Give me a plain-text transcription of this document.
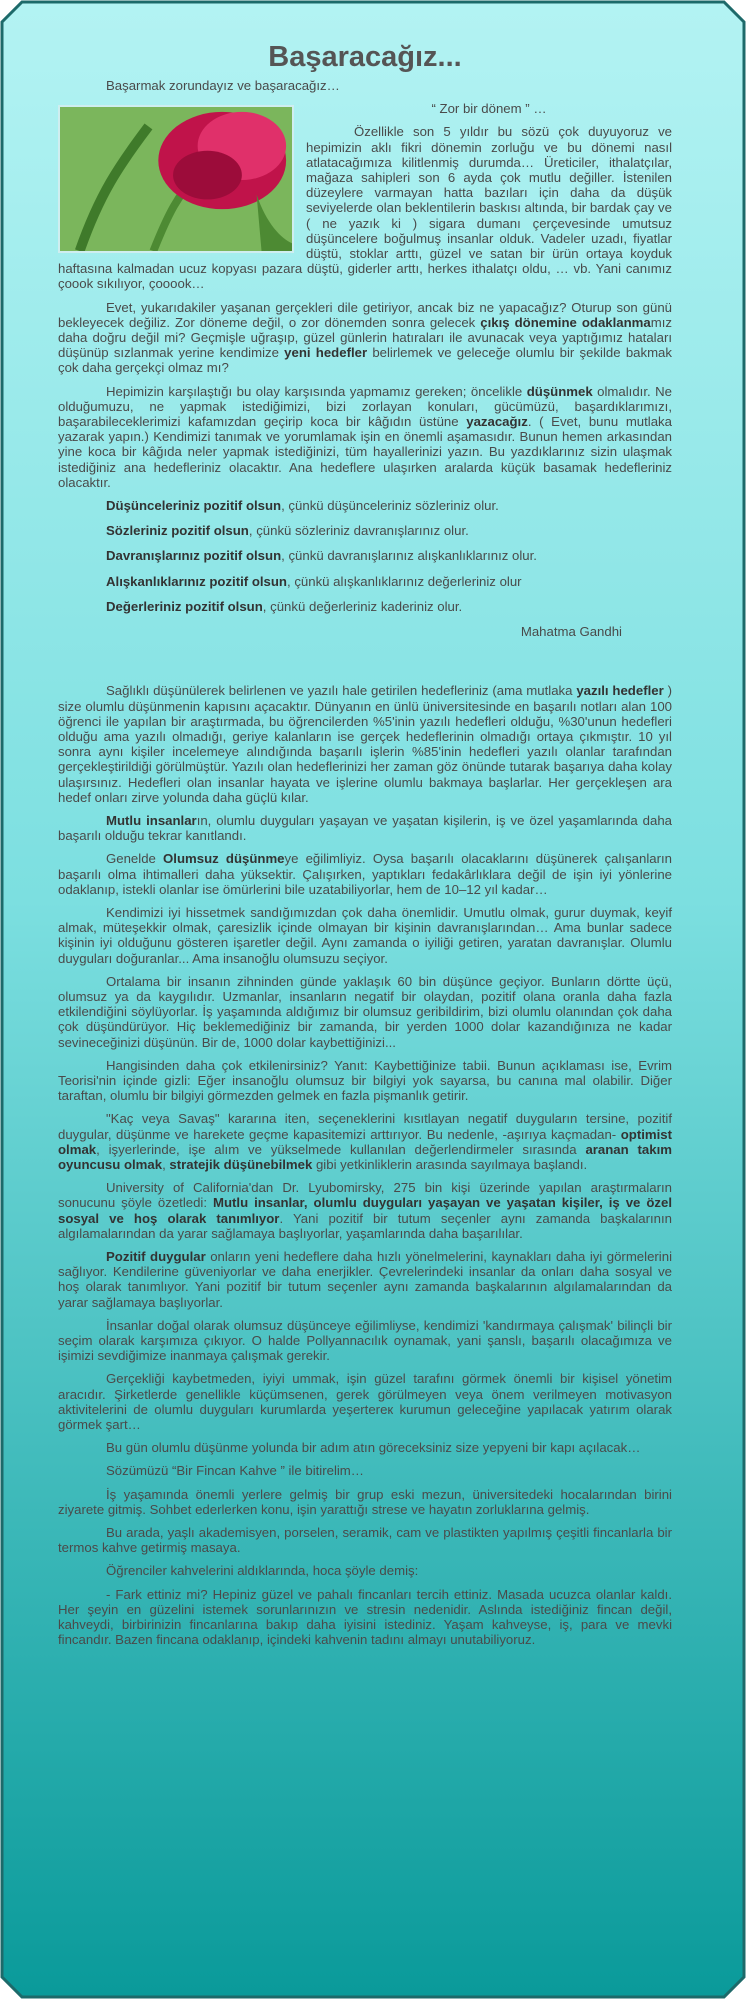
Başaracağız...

Başarmak zorundayız ve başaracağız…

“ Zor bir dönem ” …

Özellikle son 5 yıldır bu sözü çok duyuyoruz ve hepimizin aklı fikri dönemin zorluğu ve bu dönemi nasıl atlatacağımıza kilitlenmiş durumda… Üreticiler, ithalatçılar, mağaza sahipleri son 6 ayda çok mutlu değiller. İstenilen düzeylere varmayan hatta bazıları için daha da düşük seviyelerde olan beklentilerin baskısı altında, bir bardak çay ve ( ne yazık ki ) sigara dumanı çerçevesinde umutsuz düşüncelere boğulmuş insanlar olduk. Vadeler uzadı, fiyatlar düştü, stoklar arttı, güzel ve satan bir ürün ortaya koyduk haftasına kalmadan ucuz kopyası pazara düştü, giderler arttı, herkes ithalatçı oldu, … vb. Yani canımız çoook sıkılıyor, çooook…

Evet, yukarıdakiler yaşanan gerçekleri dile getiriyor, ancak biz ne yapacağız? Oturup son günü bekleyecek değiliz. Zor döneme değil, o zor dönemden sonra gelecek çıkış dönemine odaklanmamız daha doğru değil mi? Geçmişle uğraşıp, güzel günlerin hatıraları ile avunacak veya yaptığımız hataları düşünüp sızlanmak yerine kendimize yeni hedefler belirlemek ve geleceğe olumlu bir şekilde bakmak çok daha gerçekçi olmaz mı?

Hepimizin karşılaştığı bu olay karşısında yapmamız gereken; öncelikle düşünmek olmalıdır. Ne olduğumuzu, ne yapmak istediğimizi, bizi zorlayan konuları, gücümüzü, başardıklarımızı, başarabileceklerimizi kafamızdan geçirip koca bir kâğıdın üstüne yazacağız. ( Evet, bunu mutlaka yazarak yapın.) Kendimizi tanımak ve yorumlamak işin en önemli aşamasıdır. Bunun hemen arkasından yine koca bir kâğıda neler yapmak istediğinizi, tüm hayallerinizi yazın. Bu yazdıklarınız sizin ulaşmak istediğiniz ana hedefleriniz olacaktır. Ana hedeflere ulaşırken aralarda küçük basamak hedefleriniz olacaktır.

Düşünceleriniz pozitif olsun, çünkü düşünceleriniz sözleriniz olur.

Sözleriniz pozitif olsun, çünkü sözleriniz davranışlarınız olur.

Davranışlarınız pozitif olsun, çünkü davranışlarınız alışkanlıklarınız olur.

Alışkanlıklarınız pozitif olsun, çünkü alışkanlıklarınız değerleriniz olur

Değerleriniz pozitif olsun, çünkü değerleriniz kaderiniz olur.

Mahatma Gandhi

Sağlıklı düşünülerek belirlenen ve yazılı hale getirilen hedefleriniz (ama mutlaka yazılı hedefler ) size olumlu düşünmenin kapısını açacaktır. Dünyanın en ünlü üniversitesinde en başarılı notları alan 100 öğrenci ile yapılan bir araştırmada, bu öğrencilerden %5'inin yazılı hedefleri olduğu, %30'unun hedefleri olduğu ama yazılı olmadığı, geriye kalanların ise gerçek hedeflerinin olmadığı ortaya çıkmıştır. 10 yıl sonra aynı kişiler incelemeye alındığında başarılı işlerin %85'inin hedefleri yazılı olanlar tarafından gerçekleştirildiği görülmüştür. Yazılı olan hedeflerinizi her zaman göz önünde tutarak başarıya daha kolay ulaşırsınız. Hedefleri olan insanlar hayata ve işlerine olumlu bakmaya başlarlar. Her gerçekleşen ara hedef onları zirve yolunda daha güçlü kılar.

Mutlu insanların, olumlu duyguları yaşayan ve yaşatan kişilerin, iş ve özel yaşamlarında daha başarılı olduğu tekrar kanıtlandı.

Genelde Olumsuz düşünmeye eğilimliyiz. Oysa başarılı olacaklarını düşünerek çalışanların başarılı olma ihtimalleri daha yüksektir. Çalışırken, yaptıkları fedakârlıklara değil de işin iyi yönlerine odaklanıp, istekli olanlar ise ömürlerini bile uzatabiliyorlar, hem de 10–12 yıl kadar…

Kendimizi iyi hissetmek sandığımızdan çok daha önemlidir. Umutlu olmak, gurur duymak, keyif almak, müteşekkir olmak, çaresizlik içinde olmayan bir kişinin davranışlarından… Ama bunlar sadece kişinin iyi olduğunu gösteren işaretler değil. Aynı zamanda o iyiliği getiren, yaratan davranışlar. Olumlu duyguları doğuranlar... Ama insanoğlu olumsuzu seçiyor.

Ortalama bir insanın zihninden günde yaklaşık 60 bin düşünce geçiyor. Bunların dörtte üçü, olumsuz ya da kaygılıdır. Uzmanlar, insanların negatif bir olaydan, pozitif olana oranla daha fazla etkilendiğini söylüyorlar. İş yaşamında aldığımız bir olumsuz geribildirim, bizi olumlu olanından çok daha çok düşündürüyor. Hiç beklemediğiniz bir zamanda, bir yerden 1000 dolar kazandığınıza ne kadar sevineceğinizi düşünün. Bir de, 1000 dolar kaybettiğinizi...

Hangisinden daha çok etkilenirsiniz? Yanıt: Kaybettiğinize tabii. Bunun açıklaması ise, Evrim Teorisi'nin içinde gizli: Eğer insanoğlu olumsuz bir bilgiyi yok sayarsa, bu canına mal olabilir. Diğer taraftan, olumlu bir bilgiyi görmezden gelmek en fazla pişmanlık getirir.

"Kaç veya Savaş" kararına iten, seçeneklerini kısıtlayan negatif duyguların tersine, pozitif duygular, düşünme ve harekete geçme kapasitemizi arttırıyor. Bu nedenle, -aşırıya kaçmadan- optimist olmak, işyerlerinde, işe alım ve yükselmede kullanılan değerlendirmeler sırasında aranan takım oyuncusu olmak, stratejik düşünebilmek gibi yetkinliklerin arasında sayılmaya başlandı.

University of California'dan Dr. Lyubomirsky, 275 bin kişi üzerinde yapılan araştırmaların sonucunu şöyle özetledi: Mutlu insanlar, olumlu duyguları yaşayan ve yaşatan kişiler, iş ve özel sosyal ve hoş olarak tanımlıyor. Yani pozitif bir tutum seçenler aynı zamanda başkalarının algılamalarından da yarar sağlamaya başlıyorlar, yaşamlarında daha başarılılar.

Pozitif duygular onların yeni hedeflere daha hızlı yönelmelerini, kaynakları daha iyi görmelerini sağlıyor. Kendilerine güveniyorlar ve daha enerjikler. Çevrelerindeki insanlar da onları daha sosyal ve hoş olarak tanımlıyor. Yani pozitif bir tutum seçenler aynı zamanda başkalarının algılamalarından da yarar sağlamaya başlıyorlar.

İnsanlar doğal olarak olumsuz düşünceye eğilimliyse, kendimizi 'kandırmaya çalışmak' bilinçli bir seçim olarak karşımıza çıkıyor. O halde Pollyannacılık oynamak, yani şanslı, başarılı olacağımıza ve işimizi sevdiğimize inanmaya çalışmak gerekir.

Gerçekliği kaybetmeden, iyiyi ummak, işin güzel tarafını görmek önemli bir kişisel yönetim aracıdır. Şirketlerde genellikle küçümsenen, gerek görülmeyen veya önem verilmeyen motivasyon aktivitelerini de olumlu duyguları kurumlarda yeşertereк kurumun geleceğine yapılacak yatırım olarak görmek şart…

Bu gün olumlu düşünme yolunda bir adım atın göreceksiniz size yepyeni bir kapı açılacak…

Sözümüzü “Bir Fincan Kahve ” ile bitirelim…

İş yaşamında önemli yerlere gelmiş bir grup eski mezun, üniversitedeki hocalarından birini ziyarete gitmiş. Sohbet ederlerken konu, işin yarattığı strese ve hayatın zorluklarına gelmiş.

Bu arada, yaşlı akademisyen, porselen, seramik, cam ve plastikten yapılmış çeşitli fincanlarla bir termos kahve getirmiş masaya.

Öğrenciler kahvelerini aldıklarında, hoca şöyle demiş:

- Fark ettiniz mi? Hepiniz güzel ve pahalı fincanları tercih ettiniz. Masada ucuzca olanlar kaldı. Her şeyin en güzelini istemek sorunlarınızın ve stresin nedenidir. Aslında istediğiniz fincan değil, kahveydi, birbirinizin fincanlarına bakıp daha iyisini istediniz. Yaşam kahveyse, iş, para ve mevki fincandır. Bazen fincana odaklanıp, içindeki kahvenin tadını almayı unutabiliyoruz.
